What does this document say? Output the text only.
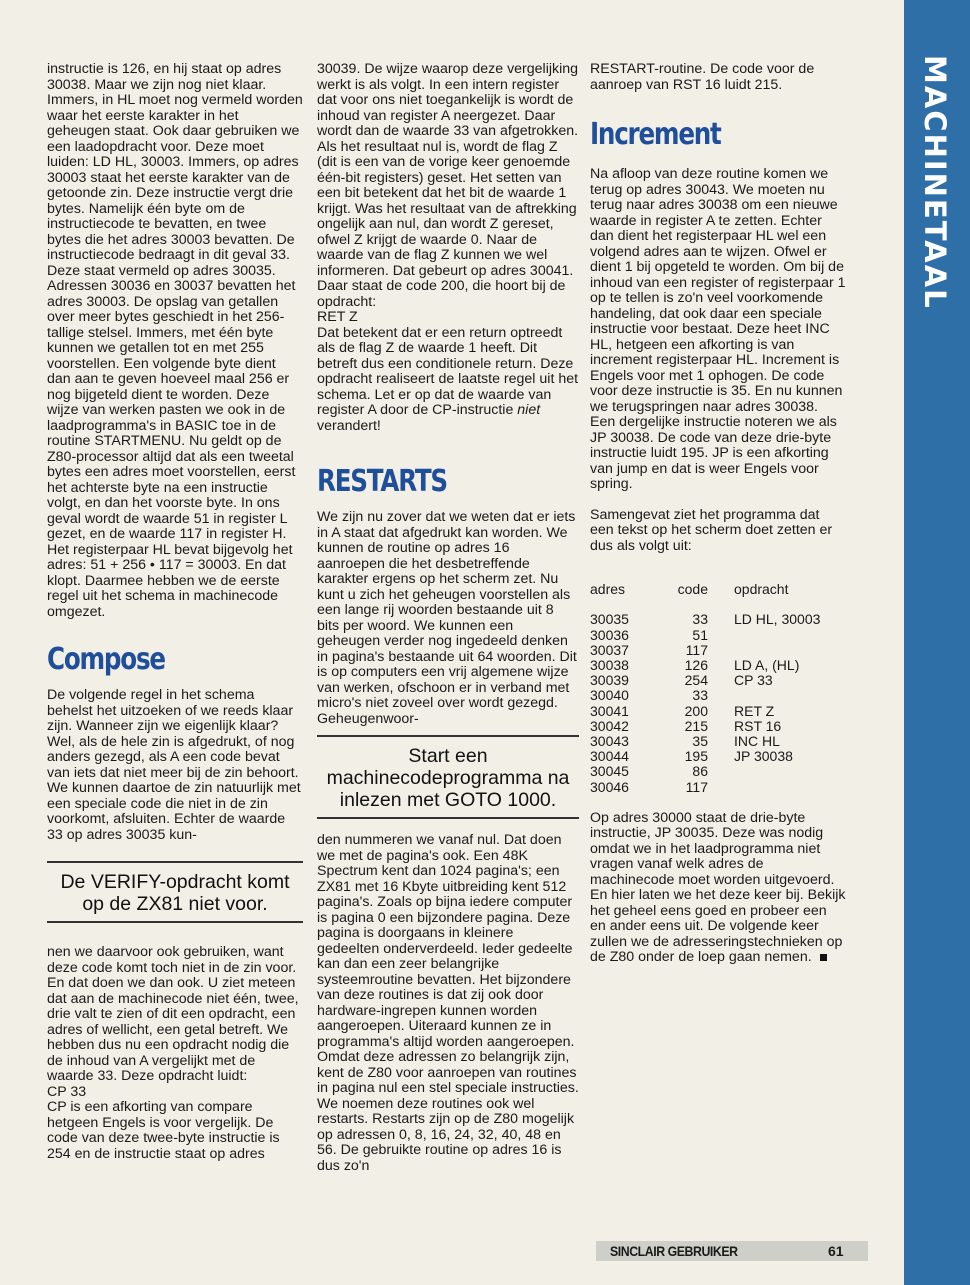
MACHINETAAL

instructie is 126, en hij staat op adres 30038. Maar we zijn nog niet klaar. Immers, in HL moet nog vermeld worden waar het eerste karakter in het geheugen staat. Ook daar gebruiken we een laadopdracht voor. Deze moet luiden: LD HL, 30003. Immers, op adres 30003 staat het eerste karakter van de getoonde zin. Deze instructie vergt drie bytes. Namelijk één byte om de instructiecode te bevatten, en twee bytes die het adres 30003 bevatten. De instructiecode bedraagt in dit geval 33. Deze staat vermeld op adres 30035. Adressen 30036 en 30037 bevatten het adres 30003. De opslag van getallen over meer bytes geschiedt in het 256-tallige stelsel. Immers, met één byte kunnen we getallen tot en met 255 voorstellen. Een volgende byte dient dan aan te geven hoeveel maal 256 er nog bijgeteld dient te worden. Deze wijze van werken pasten we ook in de laadprogramma's in BASIC toe in de routine STARTMENU. Nu geldt op de Z80-processor altijd dat als een tweetal bytes een adres moet voorstellen, eerst het achterste byte na een instructie volgt, en dan het voorste byte. In ons geval wordt de waarde 51 in register L gezet, en de waarde 117 in register H. Het registerpaar HL bevat bijgevolg het adres: 51 + 256 • 117 = 30003. En dat klopt. Daarmee hebben we de eerste regel uit het schema in machinecode omgezet.

Compose

De volgende regel in het schema behelst het uitzoeken of we reeds klaar zijn. Wanneer zijn we eigenlijk klaar? Wel, als de hele zin is afgedrukt, of nog anders gezegd, als A een code bevat van iets dat niet meer bij de zin behoort. We kunnen daartoe de zin natuurlijk met een speciale code die niet in de zin voorkomt, afsluiten. Echter de waarde 33 op adres 30035 kun-

De VERIFY-opdracht komt op de ZX81 niet voor.

nen we daarvoor ook gebruiken, want deze code komt toch niet in de zin voor. En dat doen we dan ook. U ziet meteen dat aan de machinecode niet één, twee, drie valt te zien of dit een opdracht, een adres of wellicht, een getal betreft. We hebben dus nu een opdracht nodig die de inhoud van A vergelijkt met de waarde 33. Deze opdracht luidt:

CP 33

CP is een afkorting van compare hetgeen Engels is voor vergelijk. De code van deze twee-byte instructie is 254 en de instructie staat op adres

30039. De wijze waarop deze vergelijking werkt is als volgt. In een intern register dat voor ons niet toegankelijk is wordt de inhoud van register A neergezet. Daar wordt dan de waarde 33 van afgetrokken. Als het resultaat nul is, wordt de flag Z (dit is een van de vorige keer genoemde één-bit registers) geset. Het setten van een bit betekent dat het bit de waarde 1 krijgt. Was het resultaat van de aftrekking ongelijk aan nul, dan wordt Z gereset, ofwel Z krijgt de waarde 0. Naar de waarde van de flag Z kunnen we wel informeren. Dat gebeurt op adres 30041. Daar staat de code 200, die hoort bij de opdracht:

RET Z

Dat betekent dat er een return optreedt als de flag Z de waarde 1 heeft. Dit betreft dus een conditionele return. Deze opdracht realiseert de laatste regel uit het schema. Let er op dat de waarde van register A door de CP-instructie niet verandert!

RESTARTS

We zijn nu zover dat we weten dat er iets in A staat dat afgedrukt kan worden. We kunnen de routine op adres 16 aanroepen die het desbetreffende karakter ergens op het scherm zet. Nu kunt u zich het geheugen voorstellen als een lange rij woorden bestaande uit 8 bits per woord. We kunnen een geheugen verder nog ingedeeld denken in pagina's bestaande uit 64 woorden. Dit is op computers een vrij algemene wijze van werken, ofschoon er in verband met micro's niet zoveel over wordt gezegd. Geheugenwoor-

Start een machinecodeprogramma na inlezen met GOTO 1000.

den nummeren we vanaf nul. Dat doen we met de pagina's ook. Een 48K Spectrum kent dan 1024 pagina's; een ZX81 met 16 Kbyte uitbreiding kent 512 pagina's. Zoals op bijna iedere computer is pagina 0 een bijzondere pagina. Deze pagina is doorgaans in kleinere gedeelten onderverdeeld. Ieder gedeelte kan dan een zeer belangrijke systeemroutine bevatten. Het bijzondere van deze routines is dat zij ook door hardware-ingrepen kunnen worden aangeroepen. Uiteraard kunnen ze in programma's altijd worden aangeroepen. Omdat deze adressen zo belangrijk zijn, kent de Z80 voor aanroepen van routines in pagina nul een stel speciale instructies. We noemen deze routines ook wel restarts. Restarts zijn op de Z80 mogelijk op adressen 0, 8, 16, 24, 32, 40, 48 en 56. De gebruikte routine op adres 16 is dus zo'n

RESTART-routine. De code voor de aanroep van RST 16 luidt 215.

Increment

Na afloop van deze routine komen we terug op adres 30043. We moeten nu terug naar adres 30038 om een nieuwe waarde in register A te zetten. Echter dan dient het registerpaar HL wel een volgend adres aan te wijzen. Ofwel er dient 1 bij opgeteld te worden. Om bij de inhoud van een register of registerpaar 1 op te tellen is zo'n veel voorkomende handeling, dat ook daar een speciale instructie voor bestaat. Deze heet INC HL, hetgeen een afkorting is van increment registerpaar HL. Increment is Engels voor met 1 ophogen. De code voor deze instructie is 35. En nu kunnen we terugspringen naar adres 30038. Een dergelijke instructie noteren we als JP 30038. De code van deze drie-byte instructie luidt 195. JP is een afkorting van jump en dat is weer Engels voor spring.

Samengevat ziet het programma dat een tekst op het scherm doet zetten er dus als volgt uit:

adres	code	opdracht

30035	33	LD HL, 30003
30036	51	
30037	117	
30038	126	LD A, (HL)
30039	254	CP 33
30040	33	
30041	200	RET Z
30042	215	RST 16
30043	35	INC HL
30044	195	JP 30038
30045	86	
30046	117	

Op adres 30000 staat de drie-byte instructie, JP 30035. Deze was nodig omdat we in het laadprogramma niet vragen vanaf welk adres de machinecode moet worden uitgevoerd. En hier laten we het deze keer bij. Bekijk het geheel eens goed en probeer een en ander eens uit. De volgende keer zullen we de adresseringstechnieken op de Z80 onder de loep gaan nemen.

SINCLAIR GEBRUIKER	61
